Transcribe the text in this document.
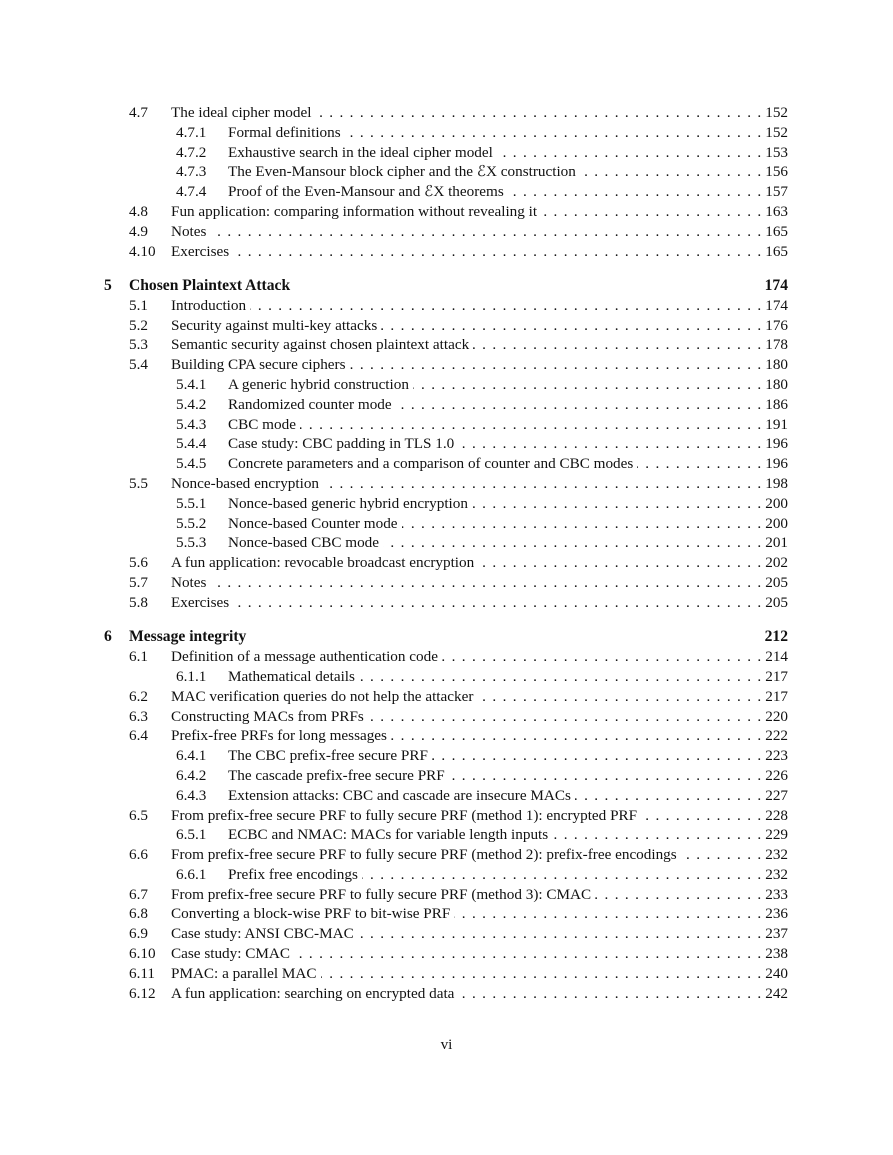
4.7	The ideal cipher model . . .	152
4.7.1	Formal definitions . . .	152
4.7.2	Exhaustive search in the ideal cipher model . . .	153
4.7.3	The Even-Mansour block cipher and the ℰX construction . . .	156
4.7.4	Proof of the Even-Mansour and ℰX theorems . . .	157
4.8	Fun application: comparing information without revealing it . . .	163
4.9	Notes . . .	165
4.10	Exercises . . .	165
5	Chosen Plaintext Attack	174
5.1	Introduction . . .	174
5.2	Security against multi-key attacks . . .	176
5.3	Semantic security against chosen plaintext attack . . .	178
5.4	Building CPA secure ciphers . . .	180
5.4.1	A generic hybrid construction . . .	180
5.4.2	Randomized counter mode . . .	186
5.4.3	CBC mode . . .	191
5.4.4	Case study: CBC padding in TLS 1.0 . . .	196
5.4.5	Concrete parameters and a comparison of counter and CBC modes . . .	196
5.5	Nonce-based encryption . . .	198
5.5.1	Nonce-based generic hybrid encryption . . .	200
5.5.2	Nonce-based Counter mode . . .	200
5.5.3	Nonce-based CBC mode . . .	201
5.6	A fun application: revocable broadcast encryption . . .	202
5.7	Notes . . .	205
5.8	Exercises . . .	205
6	Message integrity	212
6.1	Definition of a message authentication code . . .	214
6.1.1	Mathematical details . . .	217
6.2	MAC verification queries do not help the attacker . . .	217
6.3	Constructing MACs from PRFs . . .	220
6.4	Prefix-free PRFs for long messages . . .	222
6.4.1	The CBC prefix-free secure PRF . . .	223
6.4.2	The cascade prefix-free secure PRF . . .	226
6.4.3	Extension attacks: CBC and cascade are insecure MACs . . .	227
6.5	From prefix-free secure PRF to fully secure PRF (method 1): encrypted PRF . . .	228
6.5.1	ECBC and NMAC: MACs for variable length inputs . . .	229
6.6	From prefix-free secure PRF to fully secure PRF (method 2): prefix-free encodings . . .	232
6.6.1	Prefix free encodings . . .	232
6.7	From prefix-free secure PRF to fully secure PRF (method 3): CMAC . . .	233
6.8	Converting a block-wise PRF to bit-wise PRF . . .	236
6.9	Case study: ANSI CBC-MAC . . .	237
6.10	Case study: CMAC . . .	238
6.11	PMAC: a parallel MAC . . .	240
6.12	A fun application: searching on encrypted data . . .	242
vi
